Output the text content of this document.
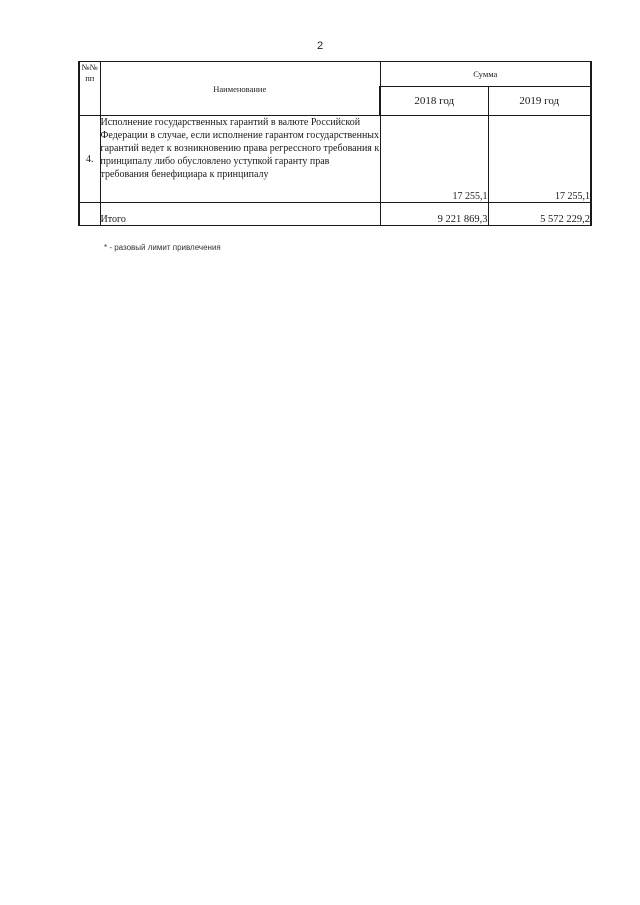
2
№№ пп	Наименование	Сумма	
		2018 год	2019 год
4.	Исполнение государственных гарантий в валюте Российской Федерации в случае, если исполнение гарантом государственных гарантий ведет к возникновению права регрессного требования к принципалу либо обусловлено уступкой гаранту прав требования бенефициара к принципалу	17 255,1	17 255,1
	Итого	9 221 869,3	5 572 229,2
* - разовый лимит привлечения
